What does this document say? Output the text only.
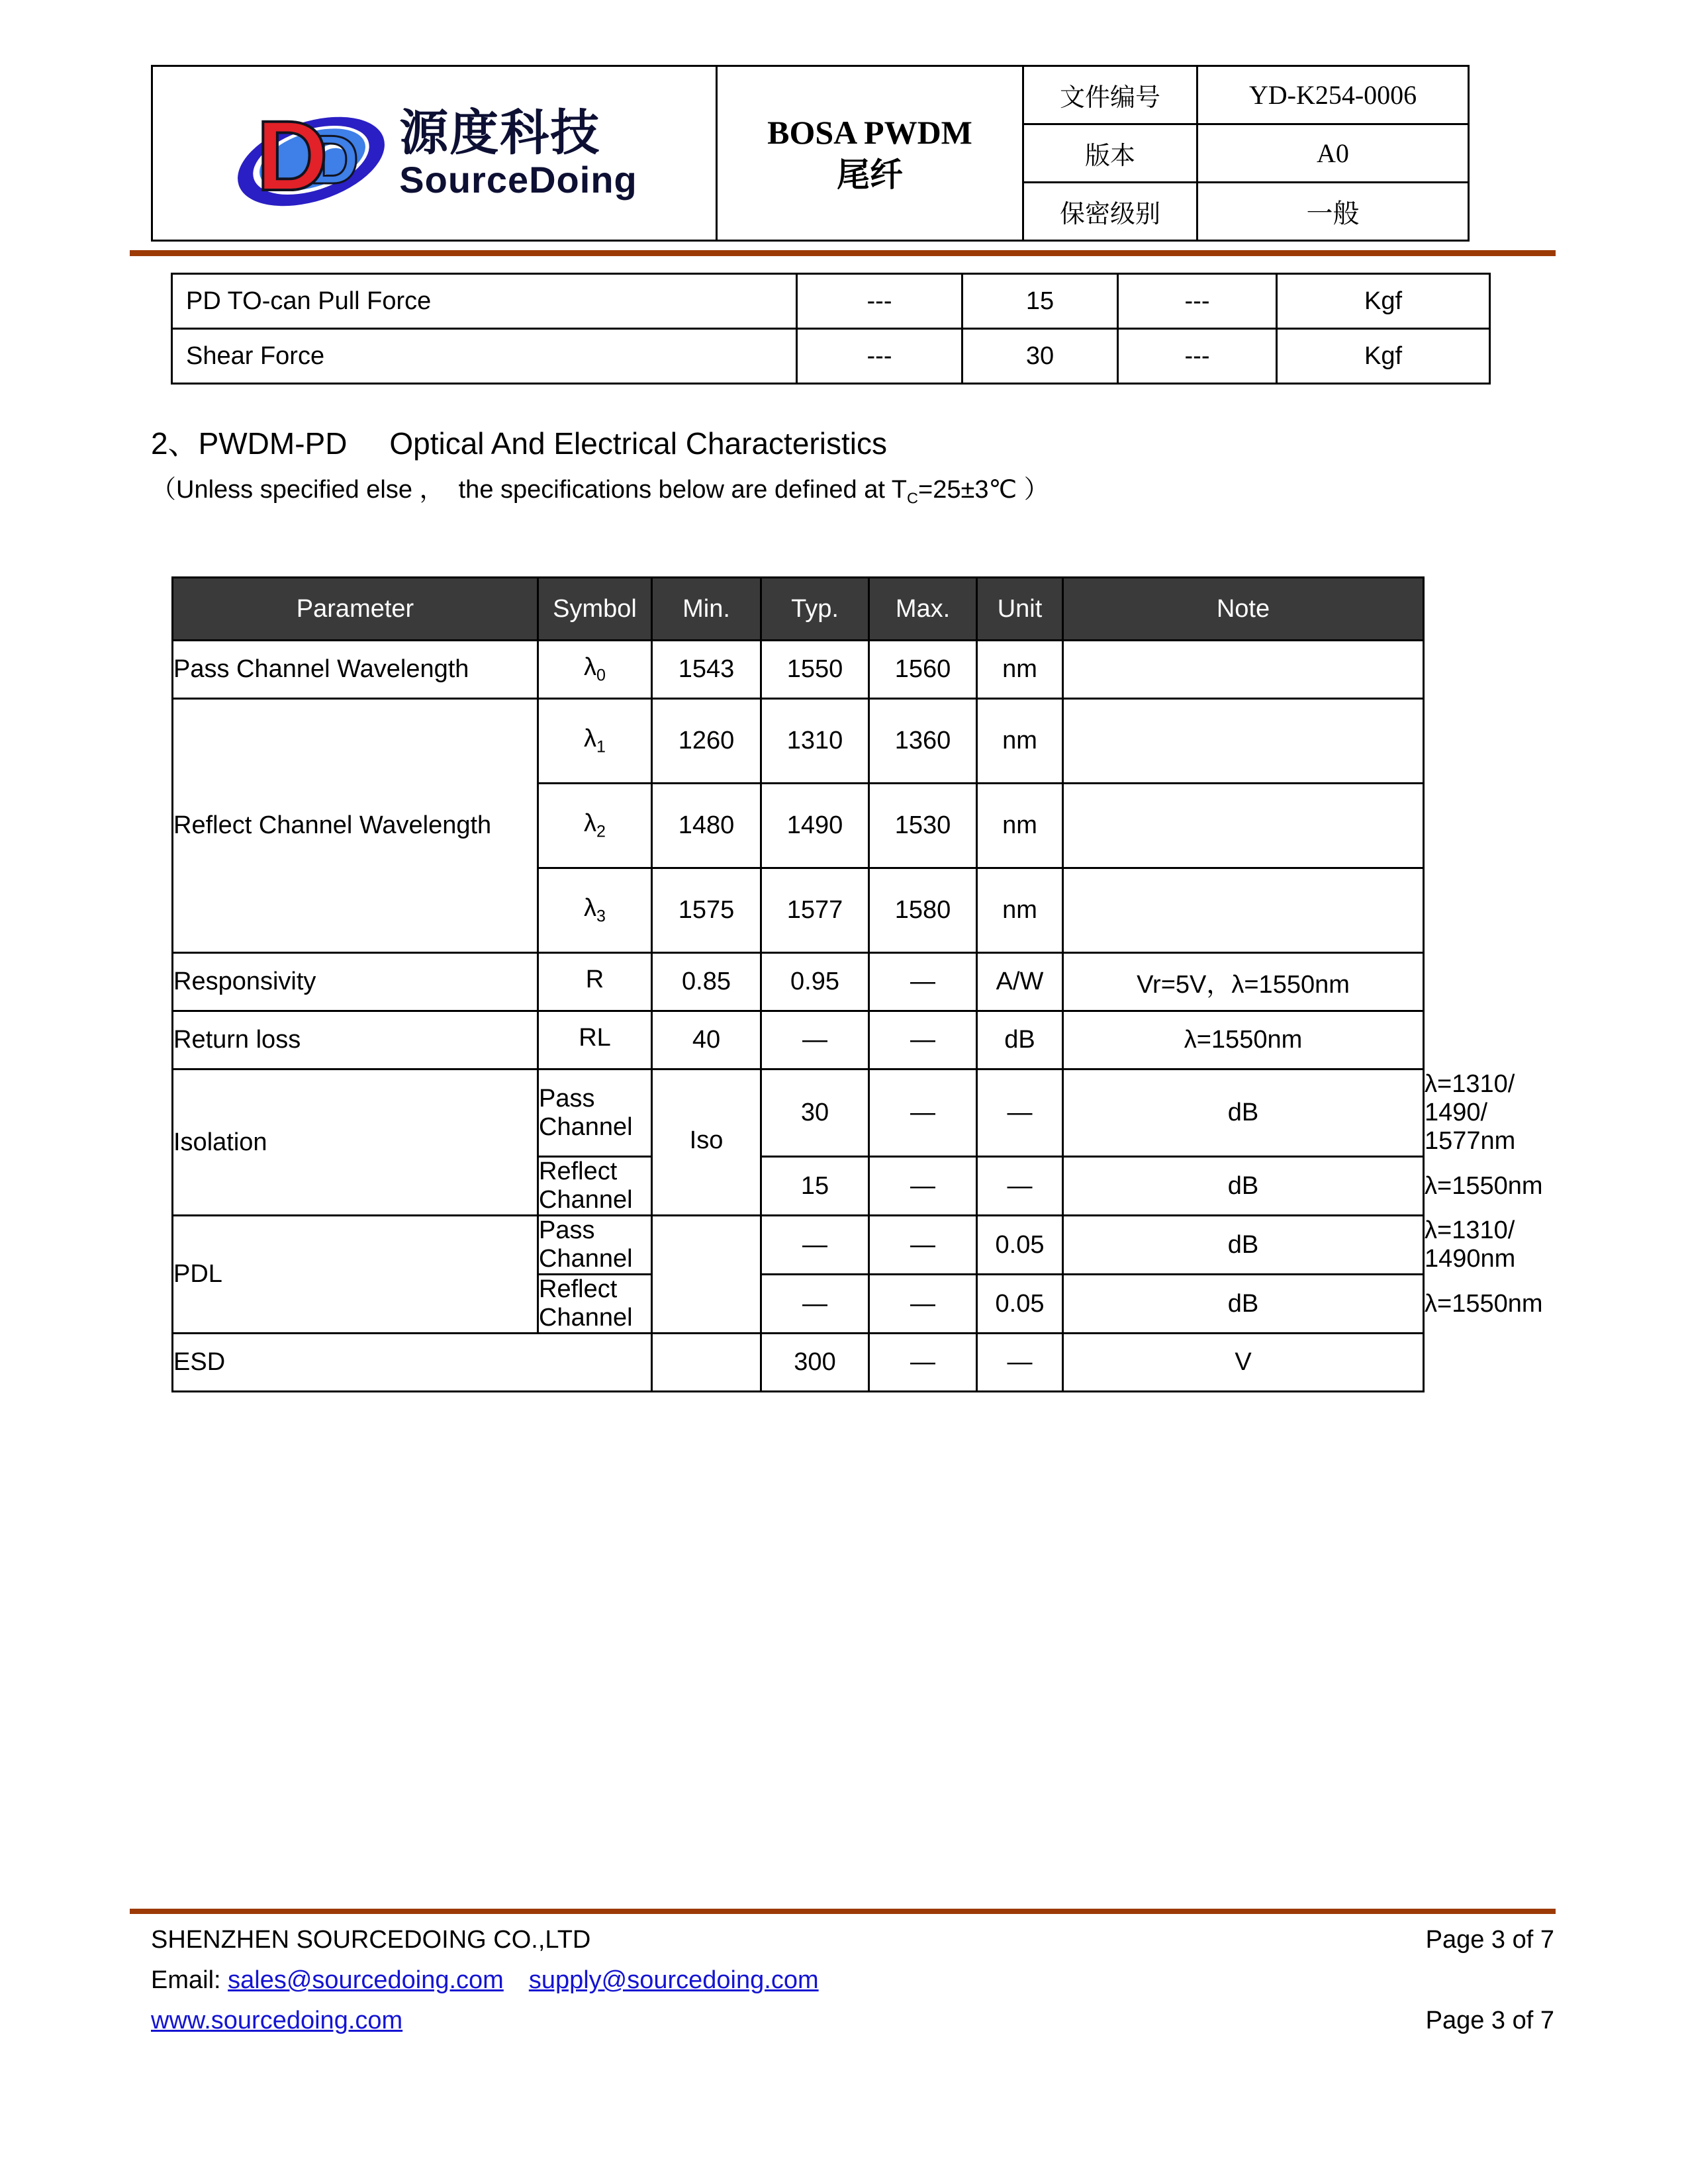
D
D 源度科技
SourceDoing

BOSA PWDM
尾纤
	文件编号	YD-K254-0006
		版本	A0
		保密级别	一般
PD TO-can Pull Force	---	15	---	Kgf
Shear Force	---	30	---	Kgf
2、PWDM-PD     Optical And Electrical Characteristics
（Unless specified else ，  the specifications below are defined at $T_C=25\pm 3℃$ ）
Parameter	Symbol	Min.	Typ.	Max.	Unit	Note	
Pass Channel Wavelength	$\lambda_0$	1543	1550	1560	nm		
Reflect Channel Wavelength	$\lambda_1$	1260	1310	1360	nm		
	$\lambda_2$	1480	1490	1530	nm		
	$\lambda_3$	1575	1577	1580	nm		
Responsivity	R	0.85	0.95	—	A/W	Vr=5V，λ=1550nm	
Return loss	RL	40	—	—	dB	λ=1550nm	
Isolation	Pass Channel	Iso	30	—	—	dB	λ=1310/ 1490/ 1577nm
	Reflect Channel		15	—	—	dB	λ=1550nm
PDL	Pass Channel		—	—	0.05	dB	λ=1310/ 1490nm
	Reflect Channel		—	—	0.05	dB	λ=1550nm
ESD			300	—	—	V	
SHENZHEN SOURCEDOING CO.,LTD	Page 3 of 7
Email: sales@sourcedoing.com supply@sourcedoing.com
www.sourcedoing.com	Page 3 of 7
